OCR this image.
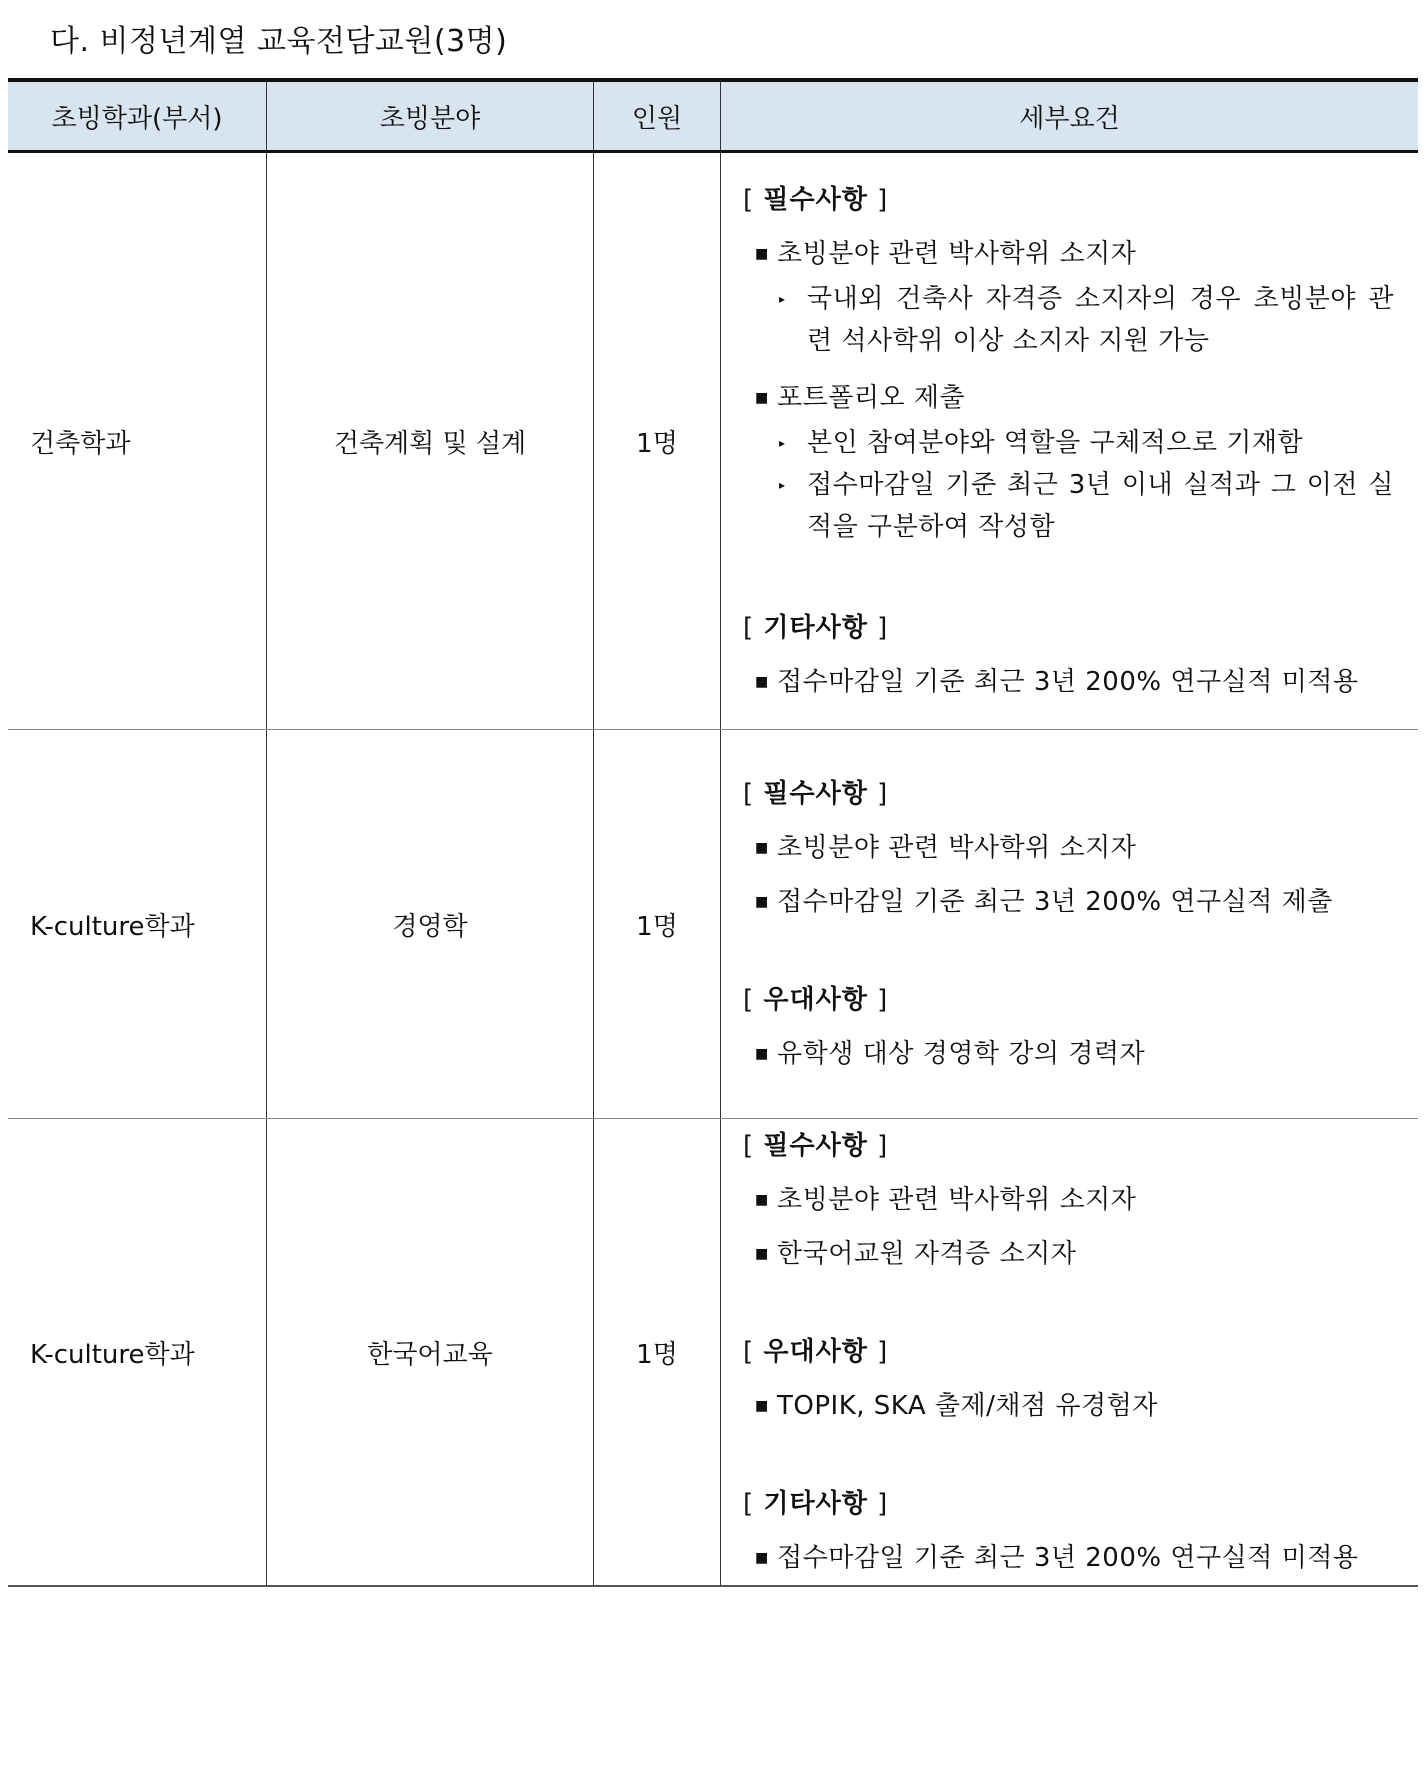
다. 비정년계열 교육전담교원(3명)
초빙학과(부서)	초빙분야	인원	세부요건
건축학과	건축계획 및 설계	1명
[ 필수사항 ]
■ 초빙분야 관련 박사학위 소지자
▸ 국내외 건축사 자격증 소지자의 경우 초빙분야 관련 석사학위 이상 소지자 지원 가능
■ 포트폴리오 제출
▸ 본인 참여분야와 역할을 구체적으로 기재함
▸ 접수마감일 기준 최근 3년 이내 실적과 그 이전 실적을 구분하여 작성함
[ 기타사항 ]
■ 접수마감일 기준 최근 3년 200% 연구실적 미적용
K-culture학과	경영학	1명
[ 필수사항 ]
■ 초빙분야 관련 박사학위 소지자
■ 접수마감일 기준 최근 3년 200% 연구실적 제출
[ 우대사항 ]
■ 유학생 대상 경영학 강의 경력자
K-culture학과	한국어교육	1명
[ 필수사항 ]
■ 초빙분야 관련 박사학위 소지자
■ 한국어교원 자격증 소지자
[ 우대사항 ]
■ TOPIK, SKA 출제/채점 유경험자
[ 기타사항 ]
■ 접수마감일 기준 최근 3년 200% 연구실적 미적용
